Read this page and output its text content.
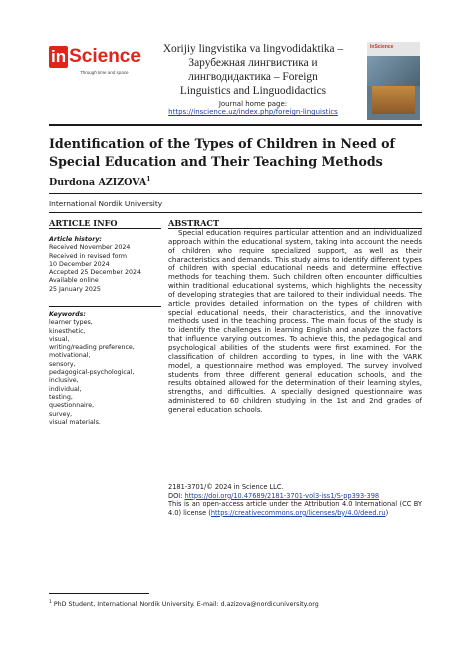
in Science
Through time and space
Xorijiy lingvistika va lingvodidaktika –
Зарубежная лингвистика и
лингводидактика – Foreign
Linguistics and Linguodidactics
Journal home page:
https://inscience.uz/index.php/foreign-linguistics
InScience
Identification of the Types of Children in Need of Special Education and Their Teaching Methods
Durdona AZIZOVA$^1$
International Nordik University
ARTICLE INFO
Article history:
Received November 2024
Received in revised form
10 December 2024
Accepted 25 December 2024
Available online
25 January 2025
Keywords:
learner types,
kinesthetic,
visual,
writing/reading preference,
motivational,
sensory,
pedagogical-psychological,
inclusive,
individual,
testing,
questionnaire,
survey,
visual materials.
ABSTRACT

Special education requires particular attention and an individualized approach within the educational system, taking into account the needs of children who require specialized support, as well as their characteristics and demands. This study aims to identify different types of children with special educational needs and determine effective methods for teaching them. Such children often encounter difficulties within traditional educational systems, which highlights the necessity of developing strategies that are tailored to their individual needs. The article provides detailed information on the types of children with special educational needs, their characteristics, and the innovative methods used in the teaching process. The main focus of the study is to identify the challenges in learning English and analyze the factors that influence varying outcomes. To achieve this, the pedagogical and psychological abilities of the students were first examined. For the classification of children according to types, in line with the VARK model, a questionnaire method was employed. The survey involved students from three different general education schools, and the results obtained allowed for the determination of their learning styles, strengths, and difficulties. A specially designed questionnaire was administered to 60 children studying in the 1st and 2nd grades of general education schools.

2181-3701/© 2024 in Science LLC.
DOI: https://doi.org/10.47689/2181-3701-vol3-iss1/S-pp393-398
This is an open-access article under the Attribution 4.0 International (CC BY 4.0) license (https://creativecommons.org/licenses/by/4.0/deed.ru)
$^1$ PhD Student, International Nordik University. E-mail: d.azizova@nordicuniversity.org
